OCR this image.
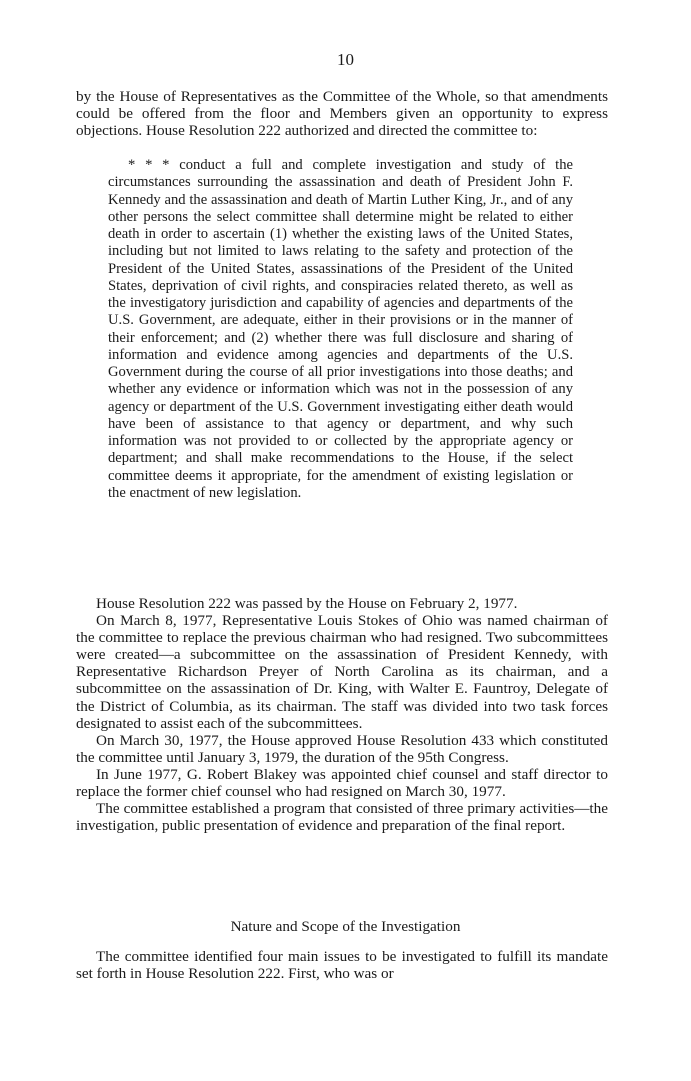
10

by the House of Representatives as the Committee of the Whole, so that amendments could be offered from the floor and Members given an opportunity to express objections. House Resolution 222 authorized and directed the committee to:

* * * conduct a full and complete investigation and study of the circumstances surrounding the assassination and death of President John F. Kennedy and the assassination and death of Martin Luther King, Jr., and of any other persons the select committee shall determine might be related to either death in order to ascertain (1) whether the existing laws of the United States, including but not limited to laws relating to the safety and protection of the President of the United States, assassinations of the President of the United States, deprivation of civil rights, and conspiracies related thereto, as well as the investigatory jurisdiction and capability of agencies and departments of the U.S. Government, are adequate, either in their provisions or in the manner of their enforcement; and (2) whether there was full disclosure and sharing of information and evidence among agencies and departments of the U.S. Government during the course of all prior investigations into those deaths; and whether any evidence or information which was not in the possession of any agency or department of the U.S. Government investigating either death would have been of assistance to that agency or department, and why such information was not provided to or collected by the appropriate agency or department; and shall make recommendations to the House, if the select committee deems it appropriate, for the amendment of existing legislation or the enactment of new legislation.

House Resolution 222 was passed by the House on February 2, 1977.

On March 8, 1977, Representative Louis Stokes of Ohio was named chairman of the committee to replace the previous chairman who had resigned. Two subcommittees were created—a subcommittee on the assassination of President Kennedy, with Representative Richardson Preyer of North Carolina as its chairman, and a subcommittee on the assassination of Dr. King, with Walter E. Fauntroy, Delegate of the District of Columbia, as its chairman. The staff was divided into two task forces designated to assist each of the subcommittees.

On March 30, 1977, the House approved House Resolution 433 which constituted the committee until January 3, 1979, the duration of the 95th Congress.

In June 1977, G. Robert Blakey was appointed chief counsel and staff director to replace the former chief counsel who had resigned on March 30, 1977.

The committee established a program that consisted of three primary activities—the investigation, public presentation of evidence and preparation of the final report.

Nature and Scope of the Investigation

The committee identified four main issues to be investigated to fulfill its mandate set forth in House Resolution 222. First, who was or
